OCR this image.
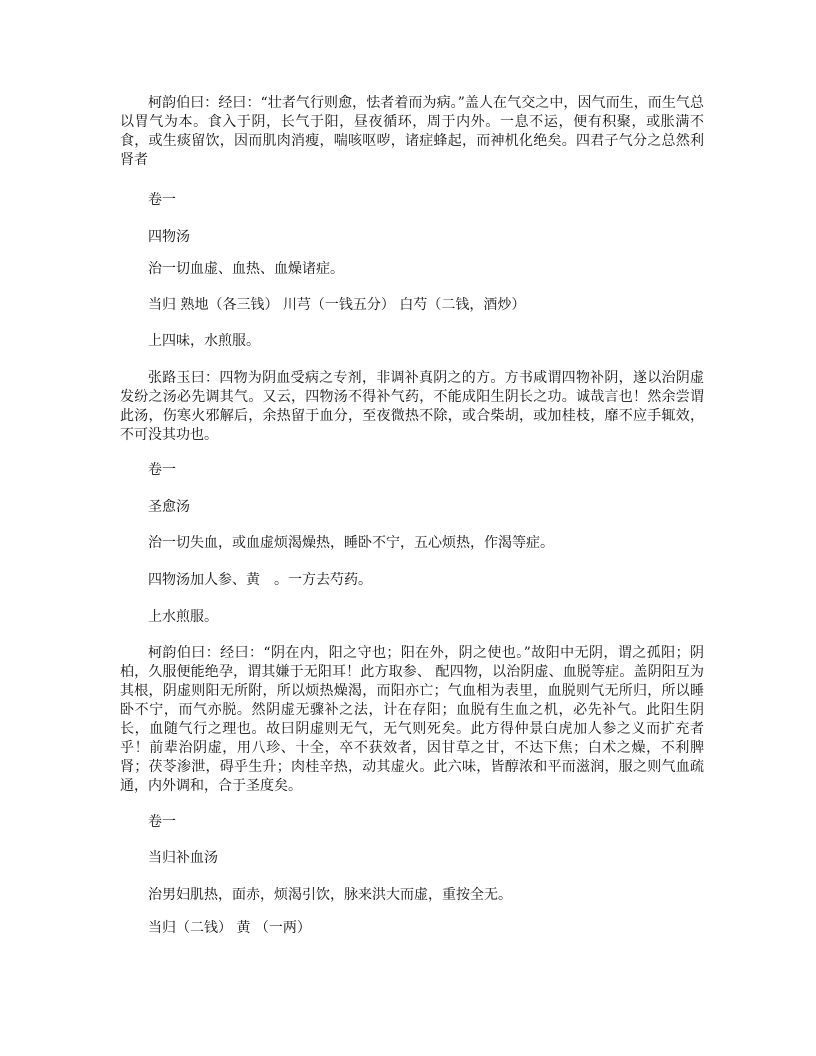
柯韵伯曰：经曰：“壮者气行则愈，怯者着而为病。”盖人在气交之中，因气而生，而生气总以胃气为本。食入于阴，长气于阳，昼夜循环，周于内外。一息不运，便有积聚，或胀满不食，或生痰留饮，因而肌肉消瘦，喘咳呕哕，诸症蜂起，而神机化绝矣。四君子气分之总然利肾者

卷一

四物汤

治一切血虚、血热、血燥诸症。

当归 熟地（各三钱） 川芎（一钱五分） 白芍（二钱，酒炒）

上四味，水煎服。

张路玉曰：四物为阴血受病之专剂，非调补真阴之的方。方书咸谓四物补阴，遂以治阴虚发纷之汤必先调其气。又云，四物汤不得补气药，不能成阳生阴长之功。诚哉言也！然余尝谓此汤，伤寒火邪解后，余热留于血分，至夜微热不除，或合柴胡，或加桂枝，靡不应手辄效，不可没其功也。

卷一

圣愈汤

治一切失血，或血虚烦渴燥热，睡卧不宁，五心烦热，作渴等症。

四物汤加人参、黄　。一方去芍药。

上水煎服。

柯韵伯曰：经曰：“阴在内，阳之守也；阳在外，阴之使也。”故阳中无阴，谓之孤阳；阴柏，久服便能绝孕，谓其嫌于无阳耳！此方取参、 配四物，以治阴虚、血脱等症。盖阴阳互为其根，阴虚则阳无所附，所以烦热燥渴，而阳亦亡；气血相为表里，血脱则气无所归，所以睡卧不宁，而气亦脱。然阴虚无骤补之法，计在存阳；血脱有生血之机，必先补气。此阳生阴长，血随气行之理也。故曰阴虚则无气，无气则死矣。此方得仲景白虎加人参之义而扩充者乎！前辈治阴虚，用八珍、十全，卒不获效者，因甘草之甘，不达下焦；白术之燥，不利脾肾；茯苓渗泄，碍乎生升；肉桂辛热，动其虚火。此六味，皆醇浓和平而滋润，服之则气血疏通，内外调和，合于圣度矣。

卷一

当归补血汤

治男妇肌热，面赤，烦渴引饮，脉来洪大而虚，重按全无。

当归（二钱） 黄 （一两）
